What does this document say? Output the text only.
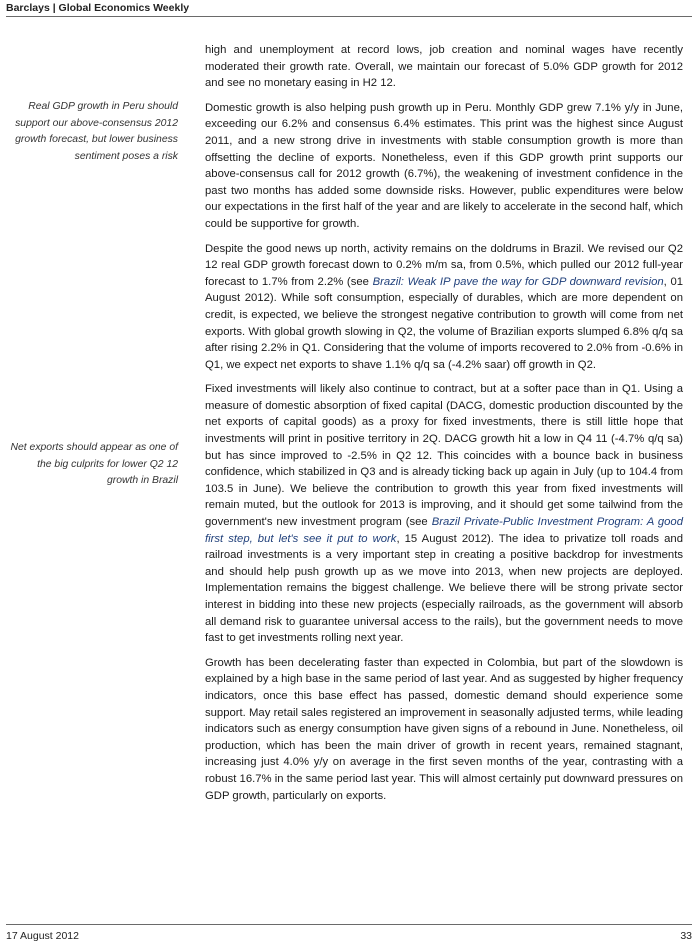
Barclays | Global Economics Weekly
Real GDP growth in Peru should support our above-consensus 2012 growth forecast, but lower business sentiment poses a risk
Net exports should appear as one of the big culprits for lower Q2 12 growth in Brazil

high and unemployment at record lows, job creation and nominal wages have recently moderated their growth rate. Overall, we maintain our forecast of 5.0% GDP growth for 2012 and see no monetary easing in H2 12.

Domestic growth is also helping push growth up in Peru. Monthly GDP grew 7.1% y/y in June, exceeding our 6.2% and consensus 6.4% estimates. This print was the highest since August 2011, and a new strong drive in investments with stable consumption growth is more than offsetting the decline of exports. Nonetheless, even if this GDP growth print supports our above-consensus call for 2012 growth (6.7%), the weakening of investment confidence in the past two months has added some downside risks. However, public expenditures were below our expectations in the first half of the year and are likely to accelerate in the second half, which could be supportive for growth.

Despite the good news up north, activity remains on the doldrums in Brazil. We revised our Q2 12 real GDP growth forecast down to 0.2% m/m sa, from 0.5%, which pulled our 2012 full-year forecast to 1.7% from 2.2% (see Brazil: Weak IP pave the way for GDP downward revision, 01 August 2012). While soft consumption, especially of durables, which are more dependent on credit, is expected, we believe the strongest negative contribution to growth will come from net exports. With global growth slowing in Q2, the volume of Brazilian exports slumped 6.8% q/q sa after rising 2.2% in Q1. Considering that the volume of imports recovered to 2.0% from -0.6% in Q1, we expect net exports to shave 1.1% q/q sa (-4.2% saar) off growth in Q2.

Fixed investments will likely also continue to contract, but at a softer pace than in Q1. Using a measure of domestic absorption of fixed capital (DACG, domestic production discounted by the net exports of capital goods) as a proxy for fixed investments, there is still little hope that investments will print in positive territory in 2Q. DACG growth hit a low in Q4 11 (-4.7% q/q sa) but has since improved to -2.5% in Q2 12. This coincides with a bounce back in business confidence, which stabilized in Q3 and is already ticking back up again in July (up to 104.4 from 103.5 in June). We believe the contribution to growth this year from fixed investments will remain muted, but the outlook for 2013 is improving, and it should get some tailwind from the government's new investment program (see Brazil Private-Public Investment Program: A good first step, but let's see it put to work, 15 August 2012). The idea to privatize toll roads and railroad investments is a very important step in creating a positive backdrop for investments and should help push growth up as we move into 2013, when new projects are deployed. Implementation remains the biggest challenge. We believe there will be strong private sector interest in bidding into these new projects (especially railroads, as the government will absorb all demand risk to guarantee universal access to the rails), but the government needs to move fast to get investments rolling next year.

Growth has been decelerating faster than expected in Colombia, but part of the slowdown is explained by a high base in the same period of last year. And as suggested by higher frequency indicators, once this base effect has passed, domestic demand should experience some support. May retail sales registered an improvement in seasonally adjusted terms, while leading indicators such as energy consumption have given signs of a rebound in June. Nonetheless, oil production, which has been the main driver of growth in recent years, remained stagnant, increasing just 4.0% y/y on average in the first seven months of the year, contrasting with a robust 16.7% in the same period last year. This will almost certainly put downward pressures on GDP growth, particularly on exports.

17 August 2012	33
